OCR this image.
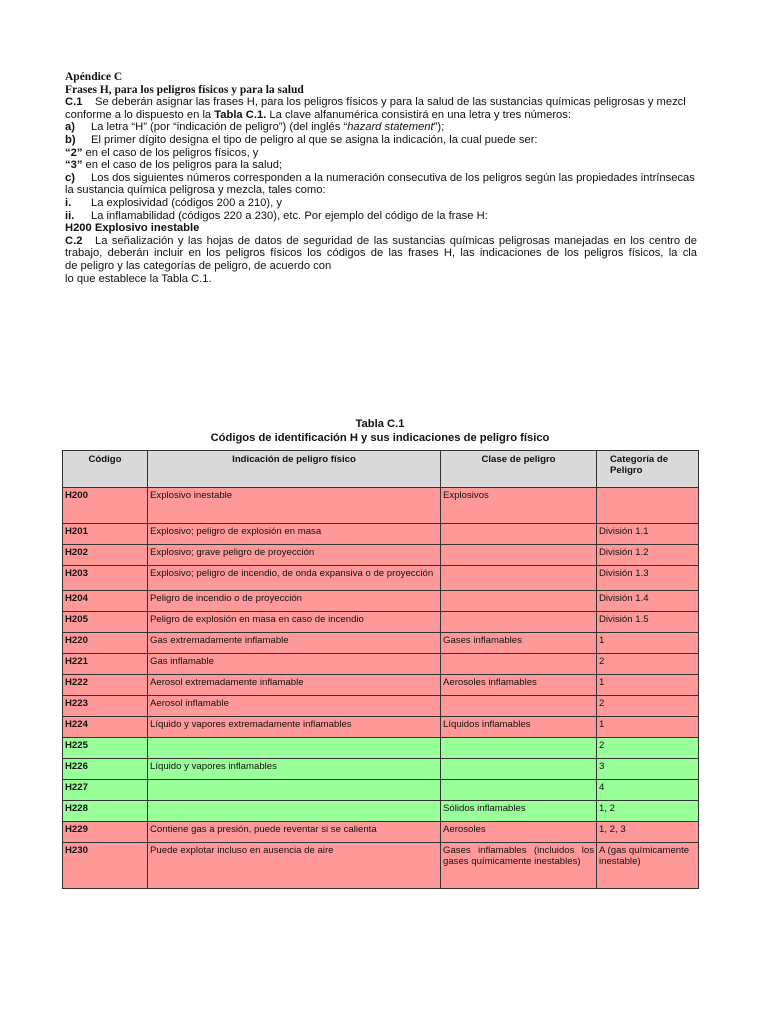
Apéndice C
Frases H, para los peligros físicos y para la salud
C.1 Se deberán asignar las frases H, para los peligros físicos y para la salud de las sustancias químicas peligrosas y mezcl
conforme a lo dispuesto en la Tabla C.1. La clave alfanumérica consistirá en una letra y tres números:
a) La letra “H” (por “indicación de peligro”) (del inglés “hazard statement”);
b) El primer dígito designa el tipo de peligro al que se asigna la indicación, la cual puede ser:
“2” en el caso de los peligros físicos, y
“3” en el caso de los peligros para la salud;
c) Los dos siguientes números corresponden a la numeración consecutiva de los peligros según las propiedades intrínsecas
la sustancia química peligrosa y mezcla, tales como:
i. La explosividad (códigos 200 a 210), y
ii. La inflamabilidad (códigos 220 a 230), etc. Por ejemplo del código de la frase H:
H200 Explosivo inestable
C.2 La señalización y las hojas de datos de seguridad de las sustancias químicas peligrosas manejadas en los centro de
trabajo, deberán incluir en los peligros físicos los códigos de las frases H, las indicaciones de los peligros físicos, la cla
de peligro y las categorías de peligro, de acuerdo con
lo que establece la Tabla C.1.
Tabla C.1
Códigos de identificación H y sus indicaciones de peligro físico
Código	Indicación de peligro físico	Clase de peligro	Categoría de Peligro
H200	Explosivo inestable	Explosivos	
H201	Explosivo; peligro de explosión en masa		División 1.1
H202	Explosivo; grave peligro de proyección		División 1.2
H203	Explosivo; peligro de incendio, de onda expansiva o de proyección		División 1.3
H204	Peligro de incendio o de proyección		División 1.4
H205	Peligro de explosión en masa en caso de incendio		División 1.5
H220	Gas extremadamente inflamable	Gases inflamables	1
H221	Gas inflamable		2
H222	Aerosol extremadamente inflamable	Aerosoles inflamables	1
H223	Aerosol inflamable		2
H224	Líquido y vapores extremadamente inflamables	Líquidos inflamables	1
H225			2
H226	Líquido y vapores inflamables		3
H227			4
H228		Sólidos inflamables	1, 2
H229	Contiene gas a presión, puede reventar si se calienta	Aerosoles	1, 2, 3
H230	Puede explotar incluso en ausencia de aire	Gases inflamables (incluidos los gases químicamente inestables)	A (gas químicamente inestable)
